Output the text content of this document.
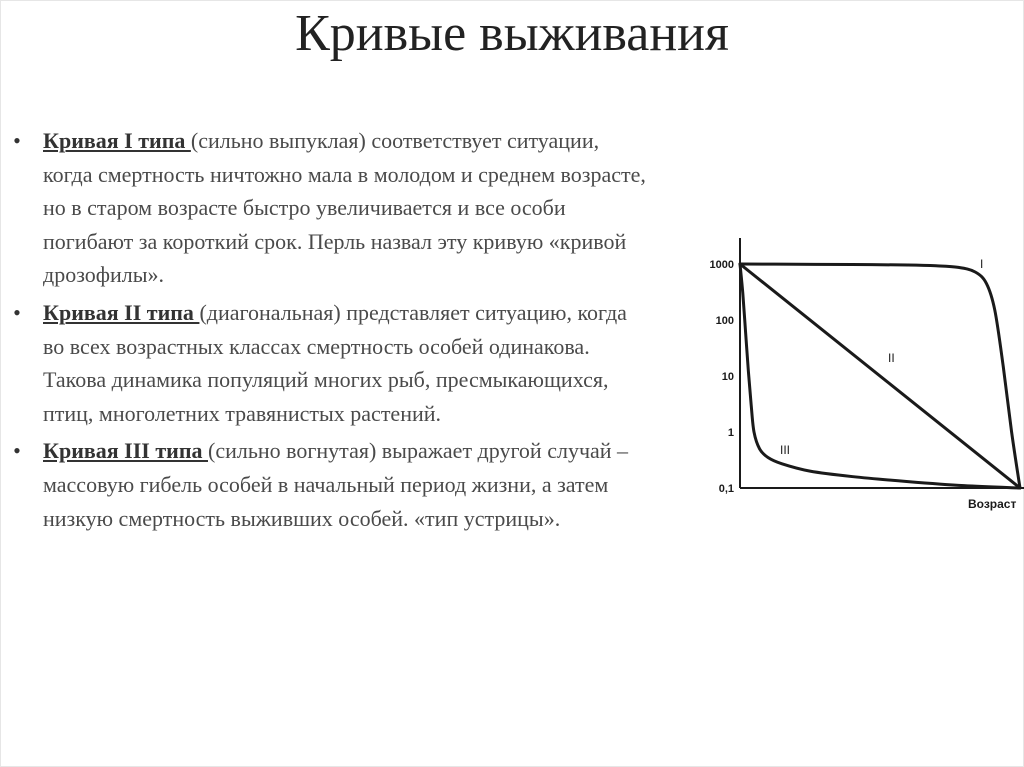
Кривые выживания
•	Кривая I типа (сильно выпуклая) соответствует ситуации, когда смертность ничтожно мала в молодом и среднем возрасте, но в старом возрасте быстро увеличивается и все особи погибают за короткий срок. Перль назвал эту кривую «кривой дрозофилы».
•	Кривая II типа (диагональная) представляет ситуацию, когда во всех возрастных классах смертность особей одинакова. Такова динамика популяций многих рыб, пресмыкающихся, птиц, многолетних травянистых растений.
•	Кривая III типа (сильно вогнутая) выражает другой случай – массовую гибель особей в начальный период жизни, а затем низкую смертность выживших особей. «тип устрицы».
1000
100
10
1
0,1
I
II
III
Возраст
